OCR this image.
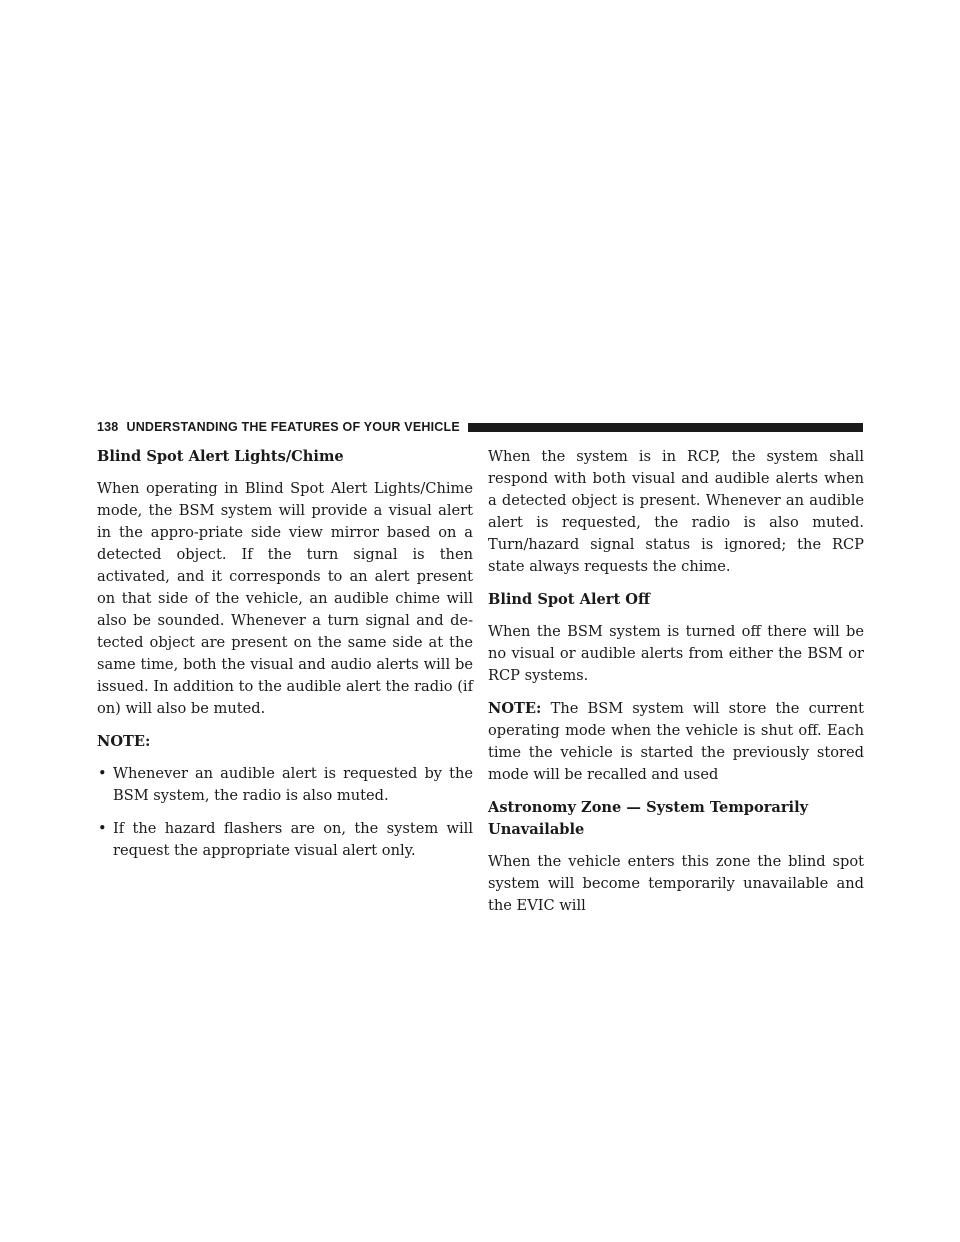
138 UNDERSTANDING THE FEATURES OF YOUR VEHICLE
Blind Spot Alert Lights/Chime

When operating in Blind Spot Alert Lights/Chime mode, the BSM system will provide a visual alert in the appro-priate side view mirror based on a detected object. If the turn signal is then activated, and it corresponds to an alert present on that side of the vehicle, an audible chime will also be sounded. Whenever a turn signal and de-tected object are present on the same side at the same time, both the visual and audio alerts will be issued. In addition to the audible alert the radio (if on) will also be muted.

NOTE:
• Whenever an audible alert is requested by the BSM system, the radio is also muted.
• If the hazard flashers are on, the system will request the appropriate visual alert only.

When the system is in RCP, the system shall respond with both visual and audible alerts when a detected object is present. Whenever an audible alert is requested, the radio is also muted. Turn/hazard signal status is ignored; the RCP state always requests the chime.

Blind Spot Alert Off

When the BSM system is turned off there will be no visual or audible alerts from either the BSM or RCP systems.

NOTE: The BSM system will store the current operating mode when the vehicle is shut off. Each time the vehicle is started the previously stored mode will be recalled and used

Astronomy Zone — System Temporarily Unavailable

When the vehicle enters this zone the blind spot system will become temporarily unavailable and the EVIC will
